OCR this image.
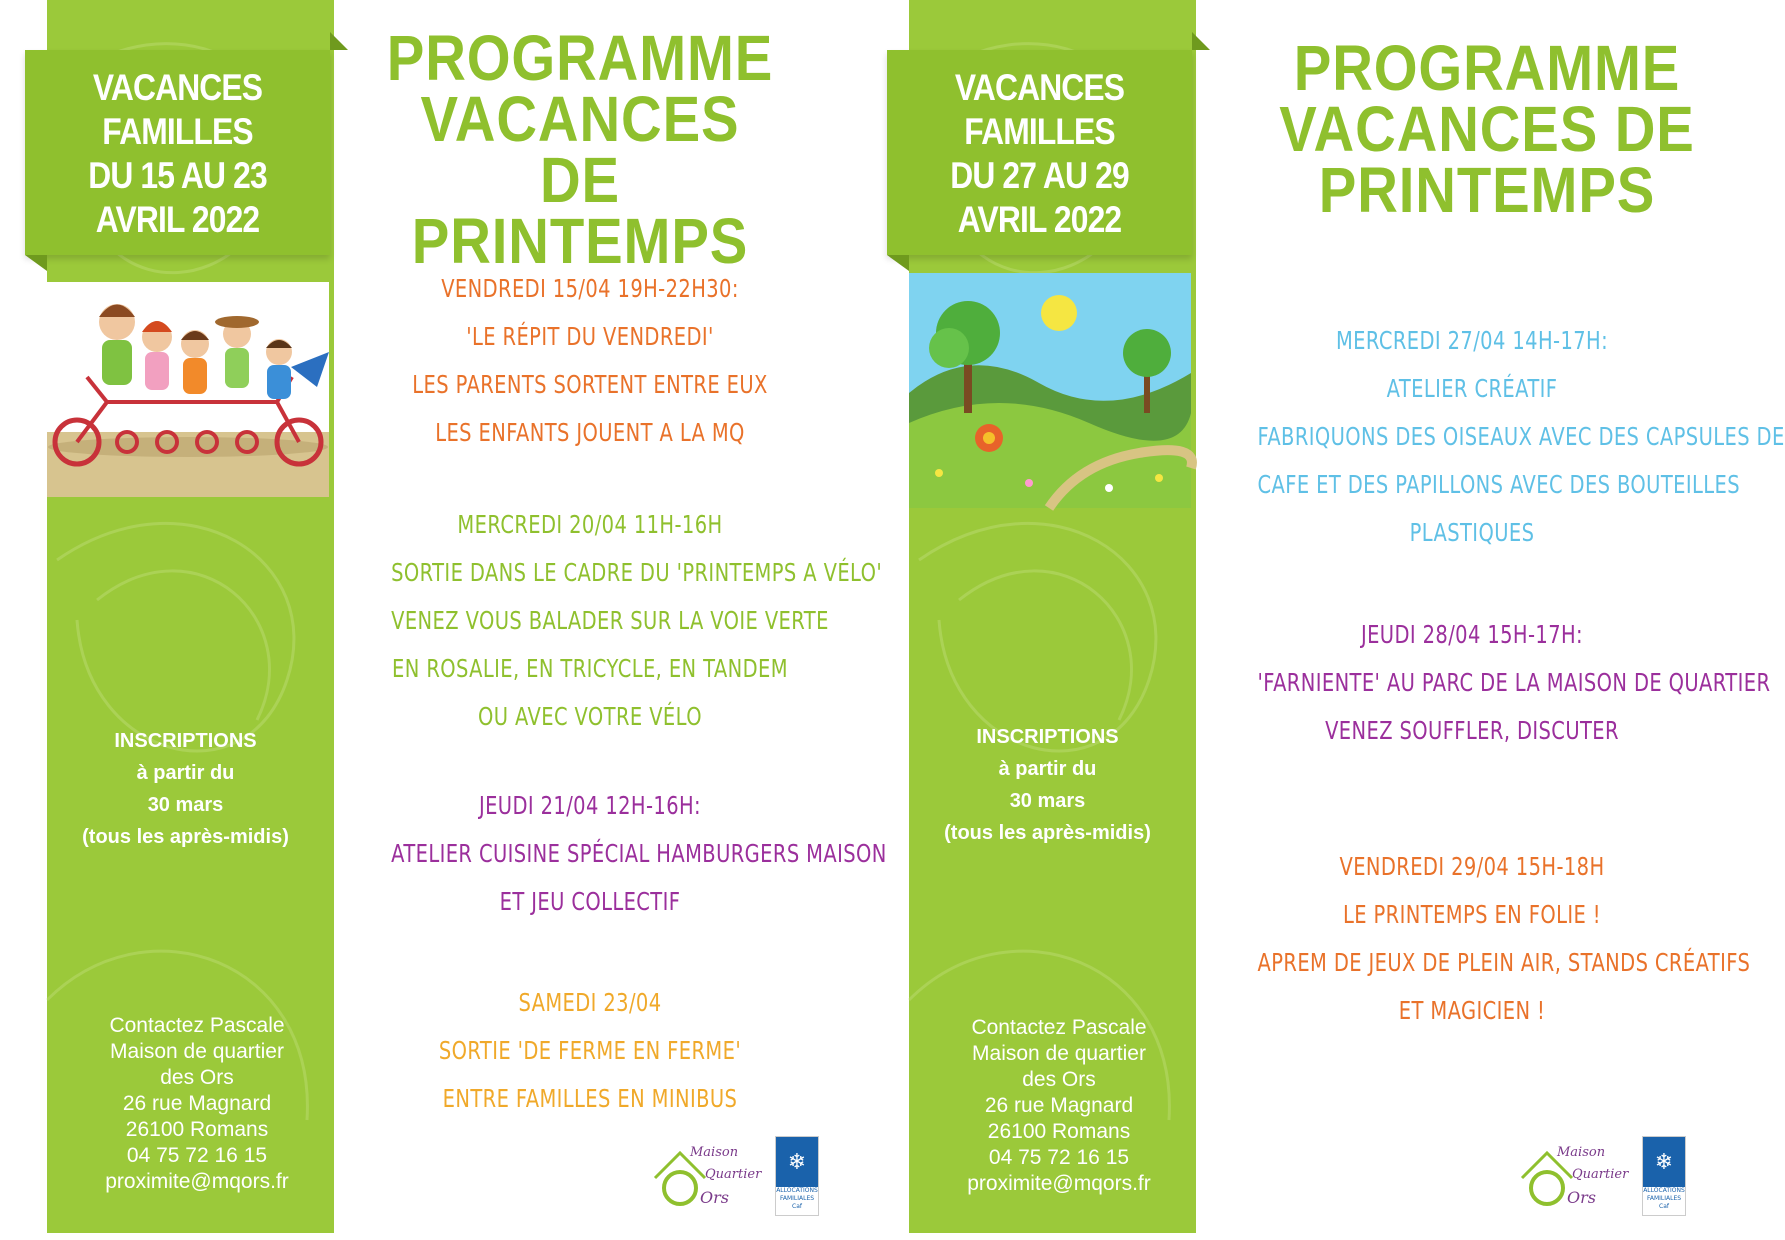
VACANCES
FAMILLES
DU 15 AU 23
AVRIL 2022
INSCRIPTIONS
à partir du
30 mars
(tous les après-midis)
Contactez Pascale
Maison de quartier
des Ors
26 rue Magnard
26100 Romans
04 75 72 16 15
proximite@mqors.fr
PROGRAMME
VACANCES DE
PRINTEMPS
VENDREDI 15/04 19H-22H30:
'LE RÉPIT DU VENDREDI'
LES PARENTS SORTENT ENTRE EUX
LES ENFANTS JOUENT A LA MQ
MERCREDI 20/04 11H-16H
SORTIE DANS LE CADRE DU 'PRINTEMPS A VÉLO'
VENEZ VOUS BALADER SUR LA VOIE VERTE
EN ROSALIE, EN TRICYCLE, EN TANDEM
OU AVEC VOTRE VÉLO
JEUDI 21/04 12H-16H:
ATELIER CUISINE SPÉCIAL HAMBURGERS MAISON
ET JEU COLLECTIF
SAMEDI 23/04
SORTIE 'DE FERME EN FERME'
ENTRE FAMILLES EN MINIBUS
Maison
Quartier
Ors
❄
ALLOCATIONS FAMILIALES
Caf
VACANCES
FAMILLES
DU 27 AU 29
AVRIL 2022
INSCRIPTIONS
à partir du
30 mars
(tous les après-midis)
Contactez Pascale
Maison de quartier
des Ors
26 rue Magnard
26100 Romans
04 75 72 16 15
proximite@mqors.fr
PROGRAMME
VACANCES DE
PRINTEMPS
MERCREDI 27/04 14H-17H:
ATELIER CRÉATIF
FABRIQUONS DES OISEAUX AVEC DES CAPSULES DE
CAFE ET DES PAPILLONS AVEC DES BOUTEILLES
PLASTIQUES
JEUDI 28/04 15H-17H:
'FARNIENTE' AU PARC DE LA MAISON DE QUARTIER
VENEZ SOUFFLER, DISCUTER
VENDREDI 29/04 15H-18H
LE PRINTEMPS EN FOLIE !
APREM DE JEUX DE PLEIN AIR, STANDS CRÉATIFS
ET MAGICIEN !
Maison
Quartier
Ors
❄
ALLOCATIONS FAMILIALES
Caf
